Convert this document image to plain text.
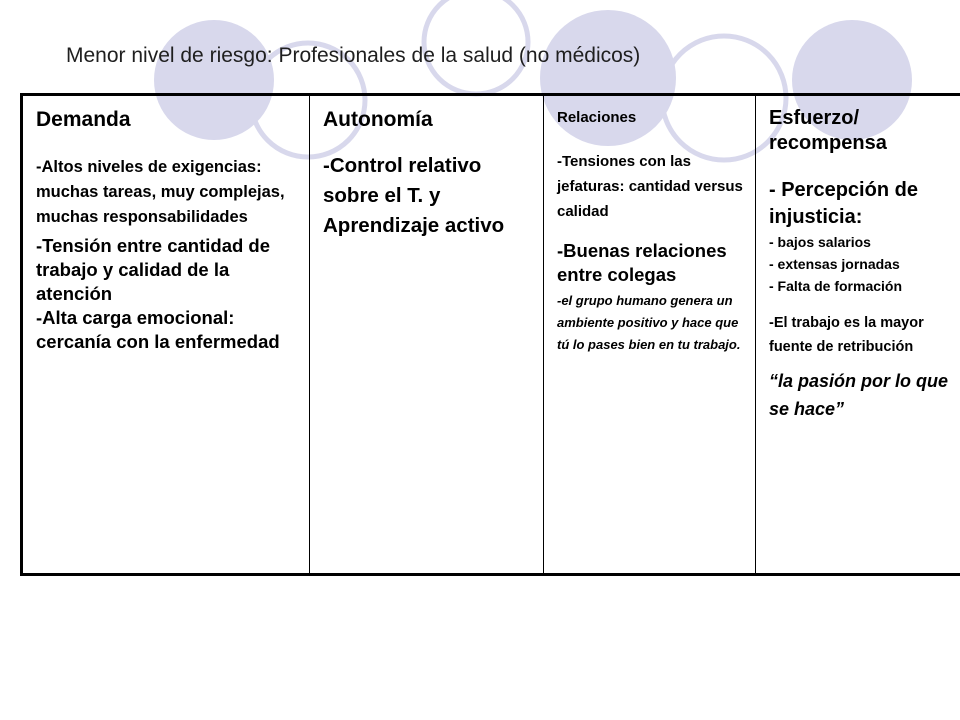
Menor nivel de riesgo: Profesionales de la salud (no médicos)
Demanda
-Altos niveles de exigencias: muchas tareas, muy complejas, muchas responsabilidades
-Tensión entre cantidad de trabajo y calidad de la atención
-Alta carga emocional: cercanía con la enfermedad
Autonomía
-Control relativo sobre el T. y Aprendizaje activo
Relaciones
-Tensiones con las jefaturas: cantidad versus calidad
-Buenas relaciones entre colegas
-el grupo humano genera un ambiente positivo y hace que tú lo pases bien en tu trabajo.
Esfuerzo/ recompensa
- Percepción de injusticia:
- bajos salarios
- extensas jornadas
- Falta de formación
-El trabajo es la mayor fuente de retribución
“la pasión por lo que se hace”
